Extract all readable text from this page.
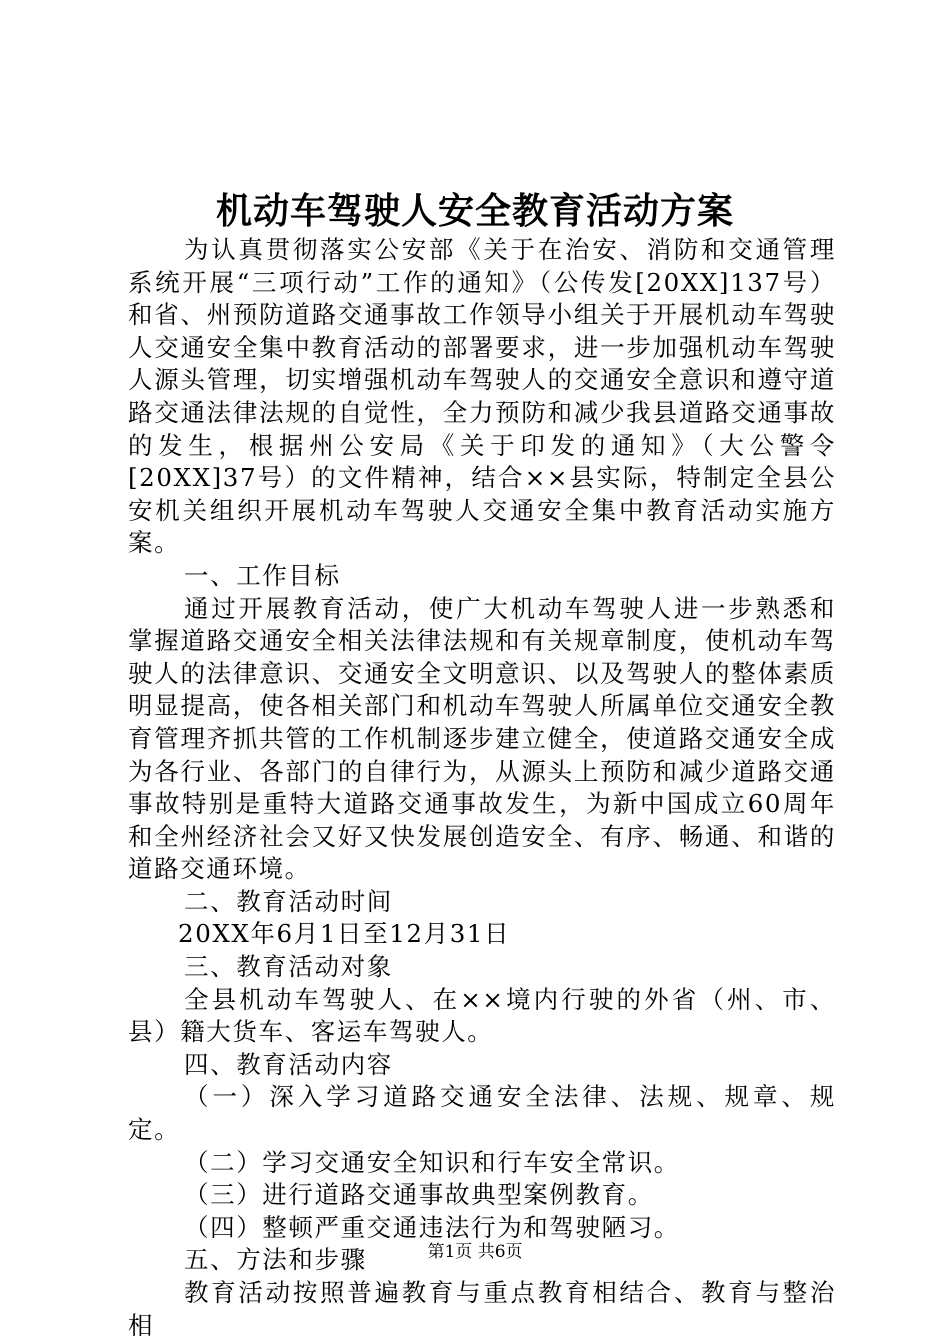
机动车驾驶人安全教育活动方案

为认真贯彻落实公安部《关于在治安、消防和交通管理系统开展“三项行动”工作的通知》（公传发[20XX]137号）和省、州预防道路交通事故工作领导小组关于开展机动车驾驶人交通安全集中教育活动的部署要求，进一步加强机动车驾驶人源头管理，切实增强机动车驾驶人的交通安全意识和遵守道路交通法律法规的自觉性，全力预防和减少我县道路交通事故的发生，根据州公安局《关于印发的通知》（大公警令[20XX]37号）的文件精神，结合××县实际，特制定全县公安机关组织开展机动车驾驶人交通安全集中教育活动实施方案。

一、工作目标

通过开展教育活动，使广大机动车驾驶人进一步熟悉和掌握道路交通安全相关法律法规和有关规章制度，使机动车驾驶人的法律意识、交通安全文明意识、以及驾驶人的整体素质明显提高，使各相关部门和机动车驾驶人所属单位交通安全教育管理齐抓共管的工作机制逐步建立健全，使道路交通安全成为各行业、各部门的自律行为，从源头上预防和减少道路交通事故特别是重特大道路交通事故发生，为新中国成立60周年和全州经济社会又好又快发展创造安全、有序、畅通、和谐的道路交通环境。

二、教育活动时间

20XX年6月1日至12月31日

三、教育活动对象

全县机动车驾驶人、在××境内行驶的外省（州、市、县）籍大货车、客运车驾驶人。

四、教育活动内容

（一）深入学习道路交通安全法律、法规、规章、规定。

（二）学习交通安全知识和行车安全常识。

（三）进行道路交通事故典型案例教育。

（四）整顿严重交通违法行为和驾驶陋习。

五、方法和步骤

教育活动按照普遍教育与重点教育相结合、教育与整治相

第1页 共6页
